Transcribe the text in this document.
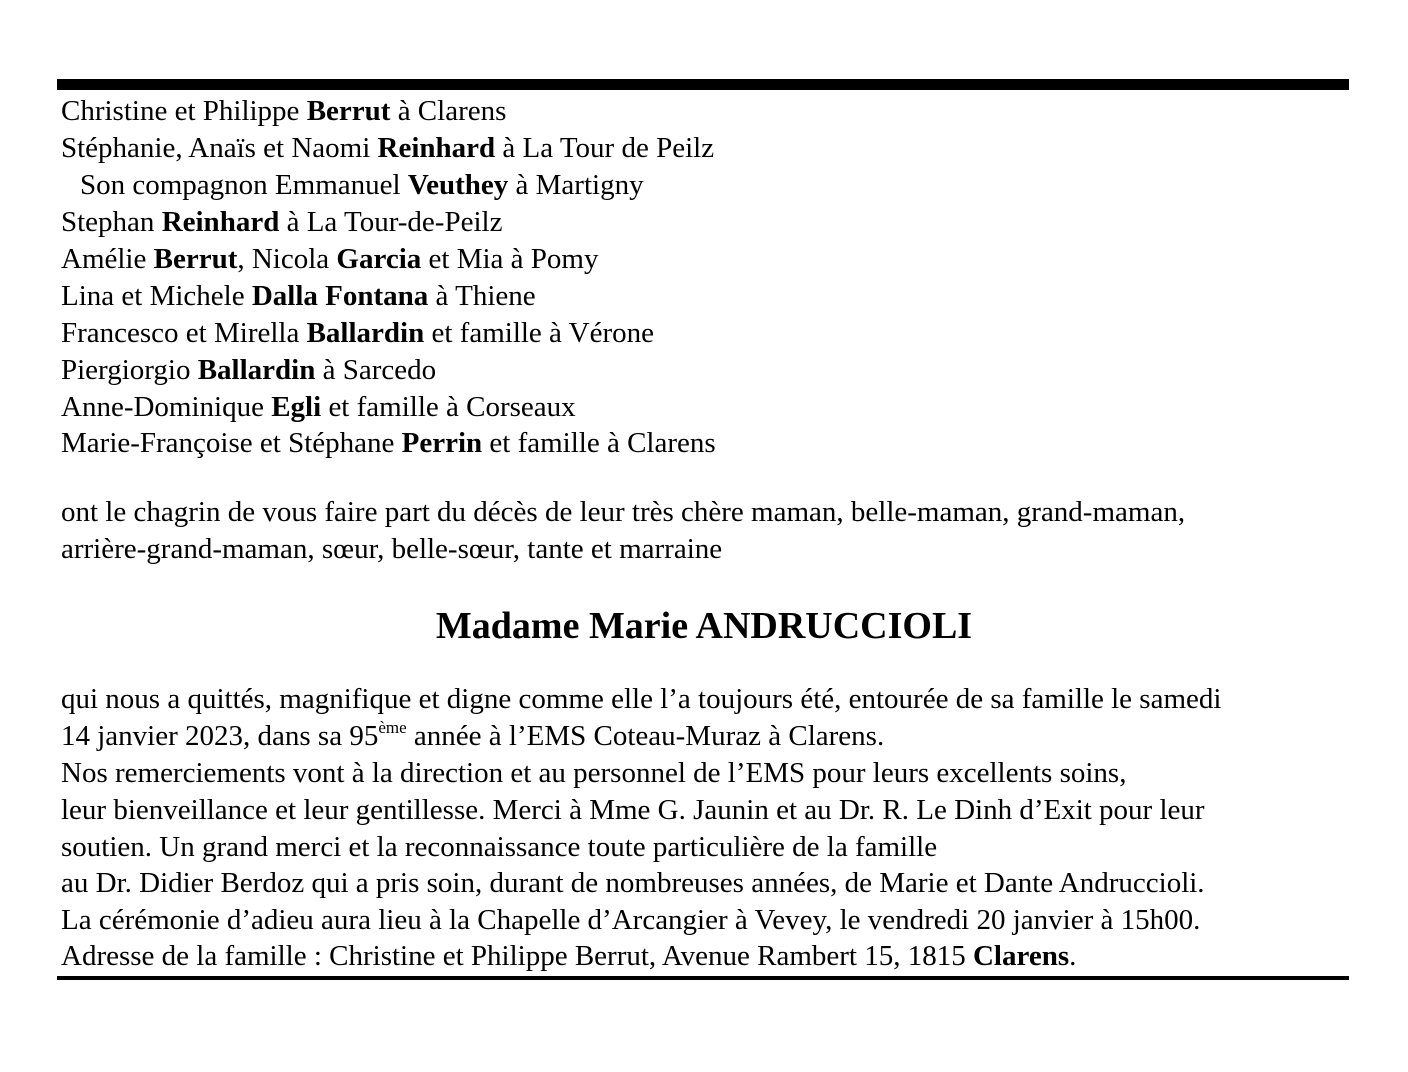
Christine et Philippe Berrut à Clarens
Stéphanie, Anaïs et Naomi Reinhard à La Tour de Peilz
Son compagnon Emmanuel Veuthey à Martigny
Stephan Reinhard à La Tour-de-Peilz
Amélie Berrut, Nicola Garcia et Mia à Pomy
Lina et Michele Dalla Fontana à Thiene
Francesco et Mirella Ballardin et famille à Vérone
Piergiorgio Ballardin à Sarcedo
Anne-Dominique Egli et famille à Corseaux
Marie-Françoise et Stéphane Perrin et famille à Clarens
ont le chagrin de vous faire part du décès de leur très chère maman, belle-maman, grand-maman,
arrière-grand-maman, sœur, belle-sœur, tante et marraine
Madame Marie ANDRUCCIOLI
qui nous a quittés, magnifique et digne comme elle l’a toujours été, entourée de sa famille le samedi
14 janvier 2023, dans sa 95ème année à l’EMS Coteau-Muraz à Clarens.
Nos remerciements vont à la direction et au personnel de l’EMS pour leurs excellents soins,
leur bienveillance et leur gentillesse. Merci à Mme G. Jaunin et au Dr. R. Le Dinh d’Exit pour leur
soutien. Un grand merci et la reconnaissance toute particulière de la famille
au Dr. Didier Berdoz qui a pris soin, durant de nombreuses années, de Marie et Dante Andruccioli.
La cérémonie d’adieu aura lieu à la Chapelle d’Arcangier à Vevey, le vendredi 20 janvier à 15h00.
Adresse de la famille : Christine et Philippe Berrut, Avenue Rambert 15, 1815 Clarens.
